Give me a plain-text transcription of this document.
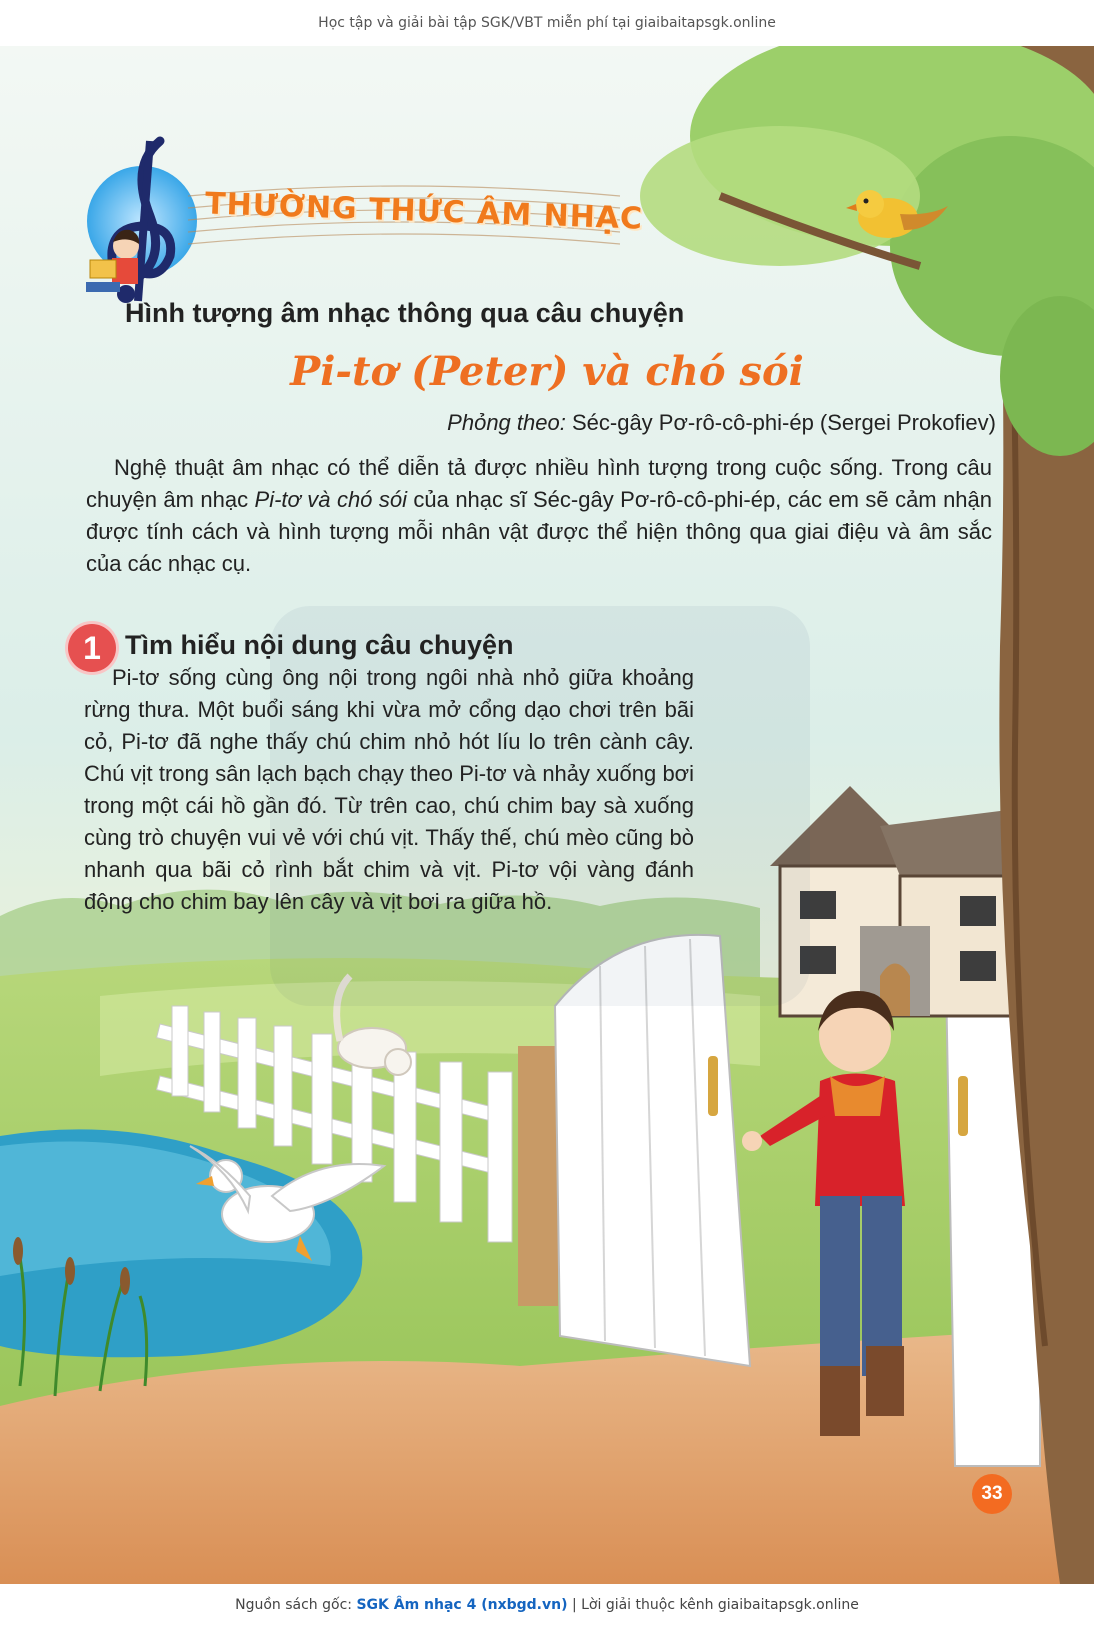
Học tập và giải bài tập SGK/VBT miễn phí tại giaibaitapsgk.online
THƯỜNG THỨC ÂM NHẠC
Hình tượng âm nhạc thông qua câu chuyện
Pi-tơ (Peter) và chó sói
Phỏng theo: Séc-gây Pơ-rô-cô-phi-ép (Sergei Prokofiev)

Nghệ thuật âm nhạc có thể diễn tả được nhiều hình tượng trong cuộc sống. Trong câu chuyện âm nhạc Pi-tơ và chó sói của nhạc sĩ Séc-gây Pơ-rô-cô-phi-ép, các em sẽ cảm nhận được tính cách và hình tượng mỗi nhân vật được thể hiện thông qua giai điệu và âm sắc của các nhạc cụ.

1 Tìm hiểu nội dung câu chuyện

Pi-tơ sống cùng ông nội trong ngôi nhà nhỏ giữa khoảng rừng thưa. Một buổi sáng khi vừa mở cổng dạo chơi trên bãi cỏ, Pi-tơ đã nghe thấy chú chim nhỏ hót líu lo trên cành cây. Chú vịt trong sân lạch bạch chạy theo Pi-tơ và nhảy xuống bơi trong một cái hồ gần đó. Từ trên cao, chú chim bay sà xuống cùng trò chuyện vui vẻ với chú vịt. Thấy thế, chú mèo cũng bò nhanh qua bãi cỏ rình bắt chim và vịt. Pi-tơ vội vàng đánh động cho chim bay lên cây và vịt bơi ra giữa hồ.

33
Nguồn sách gốc: SGK Âm nhạc 4 (nxbgd.vn) | Lời giải thuộc kênh giaibaitapsgk.online
